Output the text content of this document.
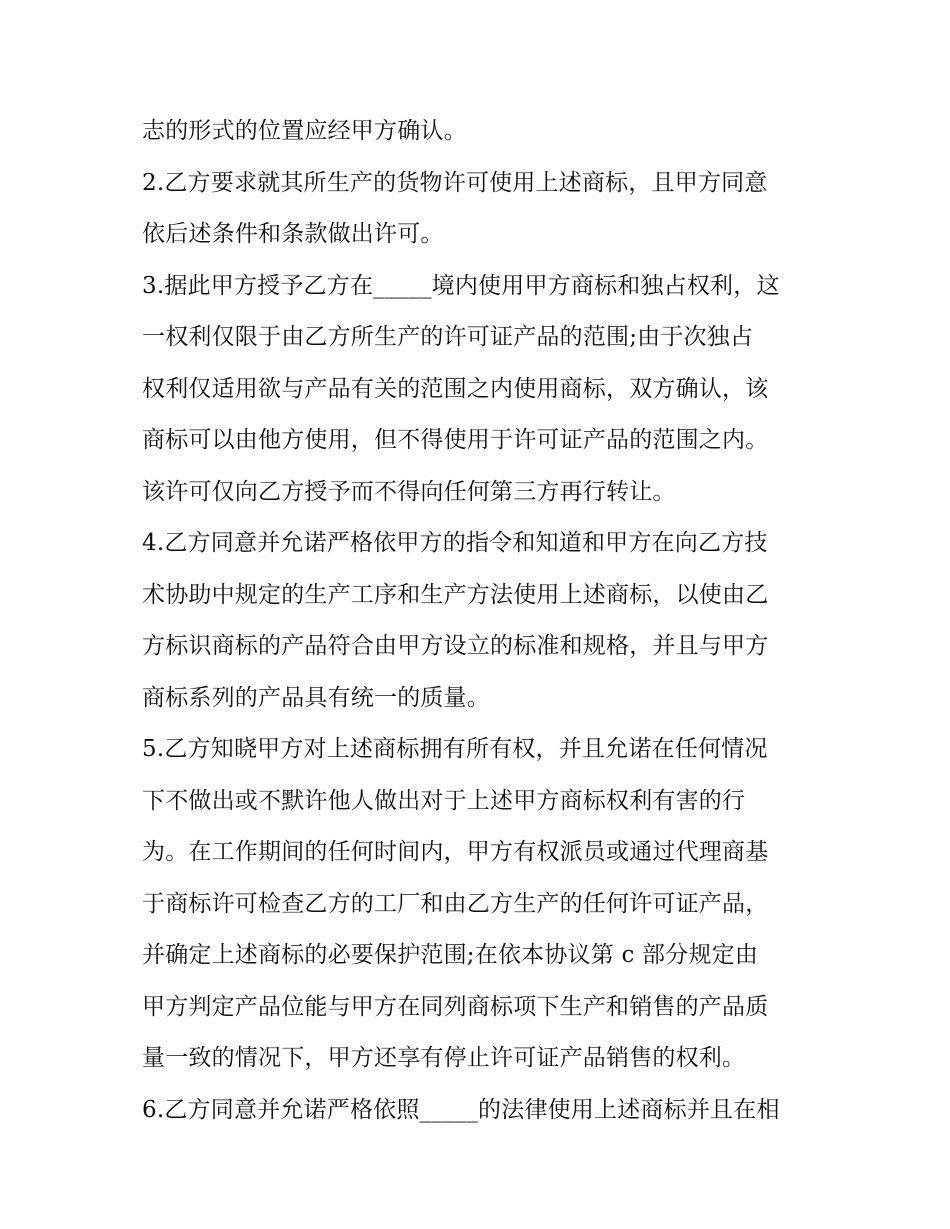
志的形式的位置应经甲方确认。
2.乙方要求就其所生产的货物许可使用上述商标，且甲方同意
依后述条件和条款做出许可。
3.据此甲方授予乙方在_____境内使用甲方商标和独占权利，这
一权利仅限于由乙方所生产的许可证产品的范围;由于次独占
权利仅适用欲与产品有关的范围之内使用商标，双方确认，该
商标可以由他方使用，但不得使用于许可证产品的范围之内。
该许可仅向乙方授予而不得向任何第三方再行转让。
4.乙方同意并允诺严格依甲方的指令和知道和甲方在向乙方技
术协助中规定的生产工序和生产方法使用上述商标，以使由乙
方标识商标的产品符合由甲方设立的标准和规格，并且与甲方
商标系列的产品具有统一的质量。
5.乙方知晓甲方对上述商标拥有所有权，并且允诺在任何情况
下不做出或不默许他人做出对于上述甲方商标权利有害的行
为。在工作期间的任何时间内，甲方有权派员或通过代理商基
于商标许可检查乙方的工厂和由乙方生产的任何许可证产品，
并确定上述商标的必要保护范围;在依本协议第 c 部分规定由
甲方判定产品位能与甲方在同列商标项下生产和销售的产品质
量一致的情况下，甲方还享有停止许可证产品销售的权利。
6.乙方同意并允诺严格依照_____的法律使用上述商标并且在相
